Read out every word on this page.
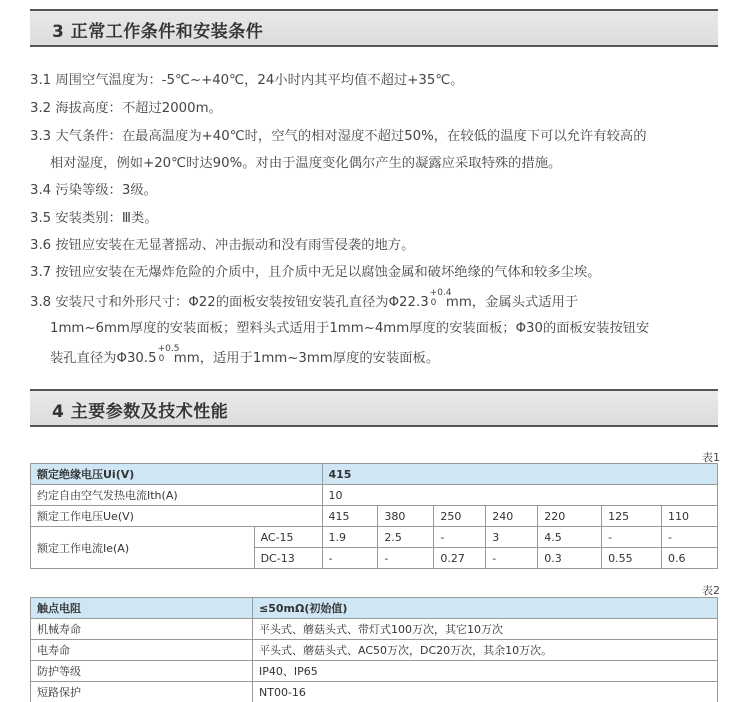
3 正常工作条件和安装条件
3.1 周围空气温度为：-5℃~+40℃，24小时内其平均值不超过+35℃。
3.2 海拔高度：不超过2000m。
3.3 大气条件：在最高温度为+40℃时，空气的相对湿度不超过50%，在较低的温度下可以允许有较高的
相对湿度，例如+20℃时达90%。对由于温度变化偶尔产生的凝露应采取特殊的措施。
3.4 污染等级：3级。
3.5 安装类别：Ⅲ类。
3.6 按钮应安装在无显著摇动、冲击振动和没有雨雪侵袭的地方。
3.7 按钮应安装在无爆炸危险的介质中，且介质中无足以腐蚀金属和破坏绝缘的气体和较多尘埃。
3.8 安装尺寸和外形尺寸：Φ22的面板安装按钮安装孔直径为Φ22.3
+0.4
0 mm，金属头式适用于
1mm~6mm厚度的安装面板；塑料头式适用于1mm~4mm厚度的安装面板；Φ30的面板安装按钮安
装孔直径为Φ30.5
+0.5
0 mm，适用于1mm~3mm厚度的安装面板。
4 主要参数及技术性能
表1
额定绝缘电压Ui(V)		415						
约定自由空气发热电流Ith(A)		10						
额定工作电压Ue(V)		415	380	250	240	220	125	110
额定工作电流Ie(A)	AC-15	1.9	2.5	-	3	4.5	-	-
	DC-13	-	-	0.27	-	0.3	0.55	0.6
表2
触点电阻	≤50mΩ(初始值)
机械寿命	平头式、蘑菇头式、带灯式100万次，其它10万次
电寿命	平头式、蘑菇头式、AC50万次，DC20万次，其余10万次。
防护等级	IP40、IP65
短路保护	NT00-16
